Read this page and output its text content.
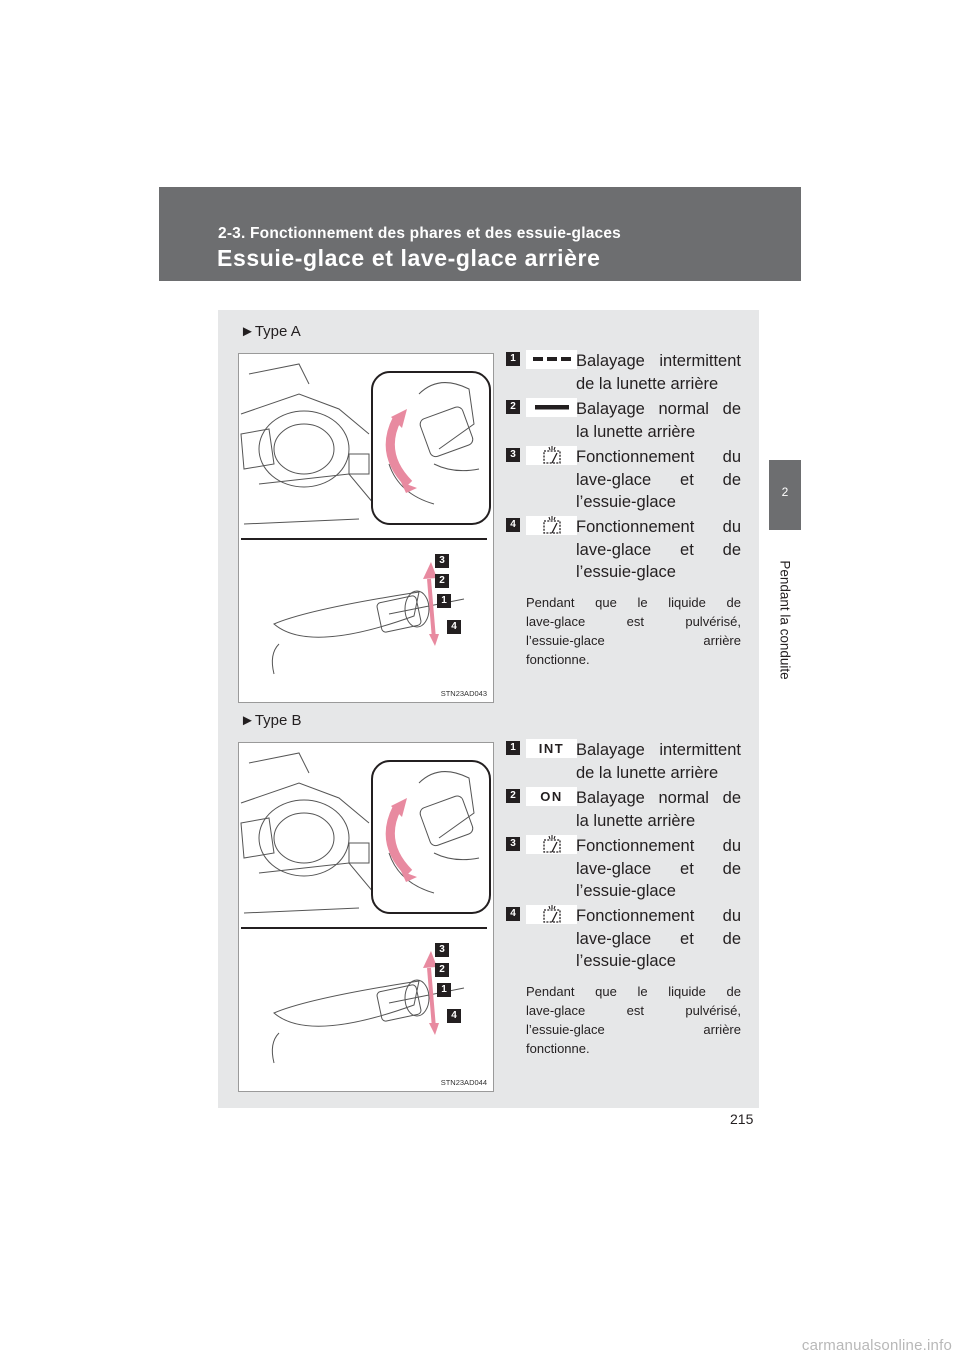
2-3. Fonctionnement des phares et des essuie-glaces
Essuie-glace et lave-glace arrière
2
Pendant la conduite
►Type A
3
2
1
4
STN23AD043
1	Balayage intermittent
de la lunette arrière
2	Balayage normal de
la lunette arrière
3	Fonctionnement du
lave-glace et de
l’essuie-glace
4	Fonctionnement du
lave-glace et de
l’essuie-glace
Pendant que le liquide de
lave-glace est pulvérisé,
l’essuie-glace arrière
fonctionne.
►Type B
3
2
1
4
STN23AD044
1	INT Balayage intermittent
de la lunette arrière
2	ON Balayage normal de
la lunette arrière
3	Fonctionnement du
lave-glace et de
l’essuie-glace
4	Fonctionnement du
lave-glace et de
l’essuie-glace
Pendant que le liquide de
lave-glace est pulvérisé,
l’essuie-glace arrière
fonctionne.
215
carmanualsonline.info
